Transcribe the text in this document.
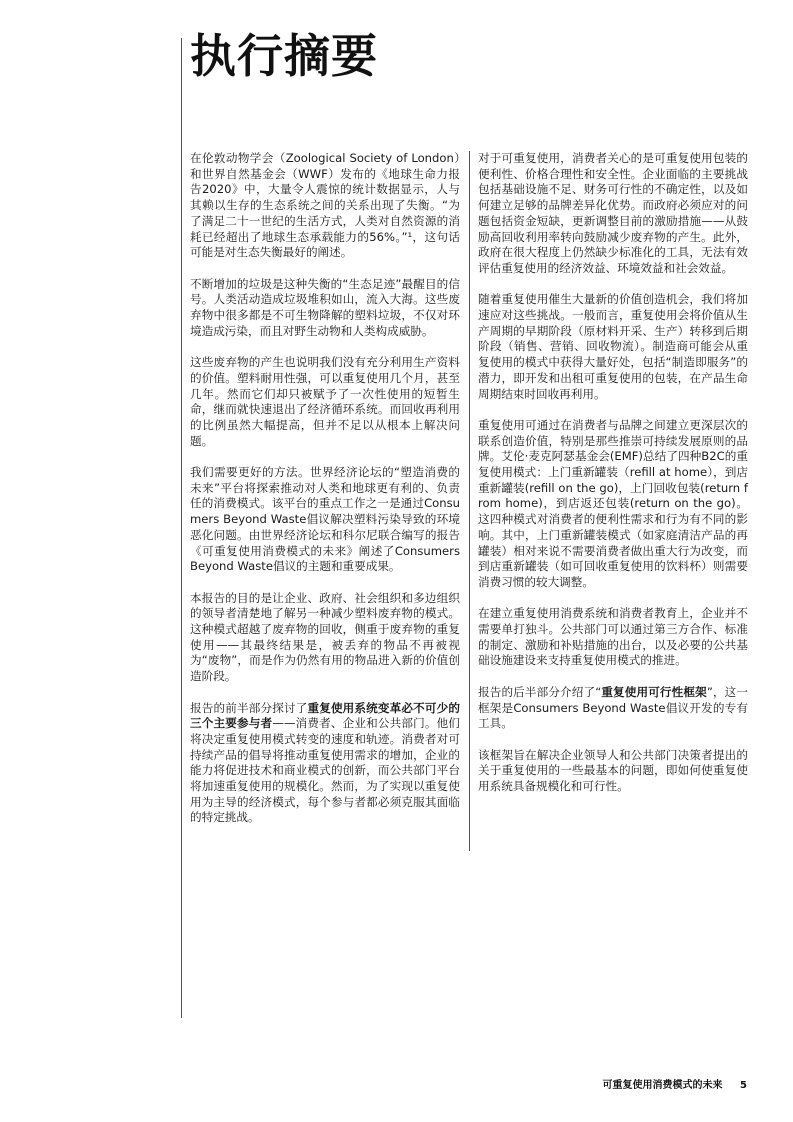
执行摘要

在伦敦动物学会（Zoological Society of London）和世界自然基金会（WWF）发布的《地球生命力报告2020》中，大量令人震惊的统计数据显示，人与其赖以生存的生态系统之间的关系出现了失衡。“为了满足二十一世纪的生活方式，人类对自然资源的消耗已经超出了地球生态承载能力的56%。”¹，这句话可能是对生态失衡最好的阐述。

不断增加的垃圾是这种失衡的“生态足迹”最醒目的信号。人类活动造成垃圾堆积如山，流入大海。这些废弃物中很多都是不可生物降解的塑料垃圾，不仅对环境造成污染，而且对野生动物和人类构成威胁。

这些废弃物的产生也说明我们没有充分利用生产资料的价值。塑料耐用性强，可以重复使用几个月，甚至几年。然而它们却只被赋予了一次性使用的短暂生命，继而就快速退出了经济循环系统。而回收再利用的比例虽然大幅提高，但并不足以从根本上解决问题。

我们需要更好的方法。世界经济论坛的“塑造消费的未来”平台将探索推动对人类和地球更有利的、负责任的消费模式。该平台的重点工作之一是通过Consumers Beyond Waste倡议解决塑料污染导致的环境恶化问题。由世界经济论坛和科尔尼联合编写的报告《可重复使用消费模式的未来》阐述了Consumers Beyond Waste倡议的主题和重要成果。

本报告的目的是让企业、政府、社会组织和多边组织的领导者清楚地了解另一种减少塑料废弃物的模式。这种模式超越了废弃物的回收，侧重于废弃物的重复使用——其最终结果是，被丢弃的物品不再被视为“废物”，而是作为仍然有用的物品进入新的价值创造阶段。

报告的前半部分探讨了重复使用系统变革必不可少的三个主要参与者——消费者、企业和公共部门。他们将决定重复使用模式转变的速度和轨迹。消费者对可持续产品的倡导将推动重复使用需求的增加，企业的能力将促进技术和商业模式的创新，而公共部门平台将加速重复使用的规模化。然而，为了实现以重复使用为主导的经济模式，每个参与者都必须克服其面临的特定挑战。

对于可重复使用，消费者关心的是可重复使用包装的便利性、价格合理性和安全性。企业面临的主要挑战包括基础设施不足、财务可行性的不确定性，以及如何建立足够的品牌差异化优势。而政府必须应对的问题包括资金短缺，更新调整目前的激励措施——从鼓励高回收利用率转向鼓励减少废弃物的产生。此外，政府在很大程度上仍然缺少标准化的工具，无法有效评估重复使用的经济效益、环境效益和社会效益。

随着重复使用催生大量新的价值创造机会，我们将加速应对这些挑战。一般而言，重复使用会将价值从生产周期的早期阶段（原材料开采、生产）转移到后期阶段（销售、营销、回收物流）。制造商可能会从重复使用的模式中获得大量好处，包括“制造即服务”的潜力，即开发和出租可重复使用的包装，在产品生命周期结束时回收再利用。

重复使用可通过在消费者与品牌之间建立更深层次的联系创造价值，特别是那些推崇可持续发展原则的品牌。艾伦·麦克阿瑟基金会(EMF)总结了四种B2C的重复使用模式：上门重新罐装（refill at home），到店重新罐装(refill on the go)，上门回收包装(return from home)，到店返还包装(return on the go)。这四种模式对消费者的便利性需求和行为有不同的影响。其中，上门重新罐装模式（如家庭清洁产品的再罐装）相对来说不需要消费者做出重大行为改变，而到店重新罐装（如可回收重复使用的饮料杯）则需要消费习惯的较大调整。

在建立重复使用消费系统和消费者教育上，企业并不需要单打独斗。公共部门可以通过第三方合作、标准的制定、激励和补贴措施的出台，以及必要的公共基础设施建设来支持重复使用模式的推进。

报告的后半部分介绍了“重复使用可行性框架”，这一框架是Consumers Beyond Waste倡议开发的专有工具。

该框架旨在解决企业领导人和公共部门决策者提出的关于重复使用的一些最基本的问题，即如何使重复使用系统具备规模化和可行性。

可重复使用消费模式的未来 5
